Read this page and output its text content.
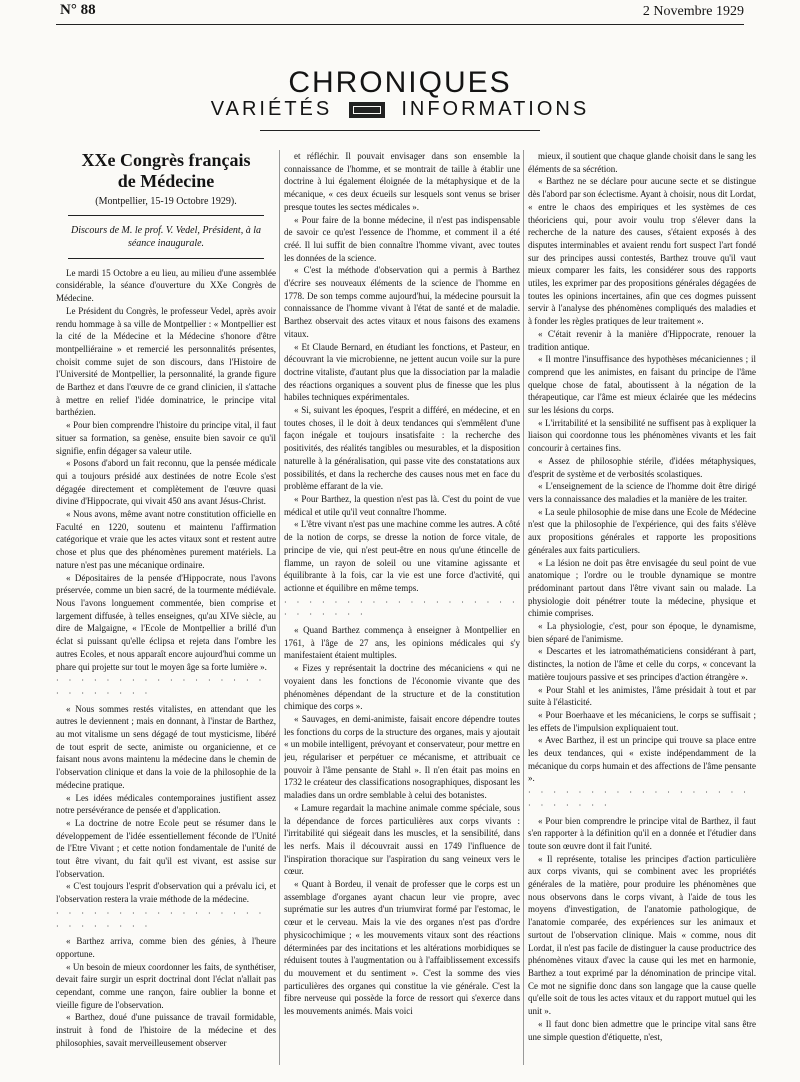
N° 88	2 Novembre 1929
CHRONIQUES
VARIÉTÉS	INFORMATIONS
XXe Congrès français
de Médecine
(Montpellier, 15-19 Octobre 1929).
Discours de M. le prof. V. Vedel, Président, à la séance inaugurale.

Le mardi 15 Octobre a eu lieu, au milieu d'une assemblée considérable, la séance d'ouverture du XXe Congrès de Médecine.

Le Président du Congrès, le professeur Vedel, après avoir rendu hommage à sa ville de Montpellier : « Montpellier est la cité de la Médecine et la Médecine s'honore d'être montpelliéraine » et remercié les personnalités présentes, choisit comme sujet de son discours, dans l'Histoire de l'Université de Montpellier, la personnalité, la grande figure de Barthez et dans l'œuvre de ce grand clinicien, il s'attache à mettre en relief l'idée dominatrice, le principe vital barthézien.

« Pour bien comprendre l'histoire du principe vital, il faut situer sa formation, sa genèse, ensuite bien savoir ce qu'il signifie, enfin dégager sa valeur utile.

« Posons d'abord un fait reconnu, que la pensée médicale qui a toujours présidé aux destinées de notre Ecole s'est dégagée directement et complètement de l'œuvre quasi divine d'Hippocrate, qui vivait 450 ans avant Jésus-Christ.

« Nous avons, même avant notre constitution officielle en Faculté en 1220, soutenu et maintenu l'affirmation catégorique et vraie que les actes vitaux sont et restent autre chose et plus que des phénomènes purement matériels. La nature n'est pas une mécanique ordinaire.

« Dépositaires de la pensée d'Hippocrate, nous l'avons préservée, comme un bien sacré, de la tourmente médiévale. Nous l'avons longuement commentée, bien comprise et largement diffusée, à telles enseignes, qu'au XIVe siècle, au dire de Malgaigne, « l'Ecole de Montpellier a brillé d'un éclat si puissant qu'elle éclipsa et rejeta dans l'ombre les autres Ecoles, et nous apparaît encore aujourd'hui comme un phare qui projette sur tout le moyen âge sa forte lumière ».

· · · · · · · · · · · · · · · · · · · · · · · · ·

« Nous sommes restés vitalistes, en attendant que les autres le deviennent ; mais en donnant, à l'instar de Barthez, au mot vitalisme un sens dégagé de tout mysticisme, libéré de tout esprit de secte, animiste ou organicienne, et ce faisant nous avons maintenu la médecine dans le chemin de l'observation clinique et dans la voie de la philosophie de la médecine pratique.

« Les idées médicales contemporaines justifient assez notre persévérance de pensée et d'application.

« La doctrine de notre Ecole peut se résumer dans le développement de l'idée essentiellement féconde de l'Unité de l'Etre Vivant ; et cette notion fondamentale de l'unité de tout être vivant, du fait qu'il est vivant, est assise sur l'observation.

« C'est toujours l'esprit d'observation qui a prévalu ici, et l'observation restera la vraie méthode de la médecine.

· · · · · · · · · · · · · · · · · · · · · · · · ·

« Barthez arriva, comme bien des génies, à l'heure opportune.

« Un besoin de mieux coordonner les faits, de synthétiser, devait faire surgir un esprit doctrinal dont l'éclat n'allait pas cependant, comme une rançon, faire oublier la bonne et vieille figure de l'observation.

« Barthez, doué d'une puissance de travail formidable, instruit à fond de l'histoire de la médecine et des philosophies, savait merveilleusement observer

et réfléchir. Il pouvait envisager dans son ensemble la connaissance de l'homme, et se montrait de taille à établir une doctrine à lui également éloignée de la métaphysique et de la mécanique, « ces deux écueils sur lesquels sont venus se briser presque toutes les sectes médicales ».

« Pour faire de la bonne médecine, il n'est pas indispensable de savoir ce qu'est l'essence de l'homme, et comment il a été créé. Il lui suffit de bien connaître l'homme vivant, avec toutes les données de la science.

« C'est la méthode d'observation qui a permis à Barthez d'écrire ses nouveaux éléments de la science de l'homme en 1778. De son temps comme aujourd'hui, la médecine poursuit la connaissance de l'homme vivant à l'état de santé et de maladie. Barthez observait des actes vitaux et nous faisons des examens vitaux.

« Et Claude Bernard, en étudiant les fonctions, et Pasteur, en découvrant la vie microbienne, ne jettent aucun voile sur la pure doctrine vitaliste, d'autant plus que la dissociation par la maladie des réactions organiques a souvent plus de finesse que les plus habiles techniques expérimentales.

« Si, suivant les époques, l'esprit a différé, en médecine, et en toutes choses, il le doit à deux tendances qui s'emmêlent d'une façon inégale et toujours insatisfaite : la recherche des positivités, des réalités tangibles ou mesurables, et la disposition naturelle à la généralisation, qui passe vite des constatations aux possibilités, et dans la recherche des causes nous met en face du problème effarant de la vie.

« Pour Barthez, la question n'est pas là. C'est du point de vue médical et utile qu'il veut connaître l'homme.

« L'être vivant n'est pas une machine comme les autres. A côté de la notion de corps, se dresse la notion de force vitale, de principe de vie, qui n'est peut-être en nous qu'une étincelle de flamme, un rayon de soleil ou une vitamine agissante et équilibrante à la fois, car la vie est une force d'activité, qui actionne et équilibre en même temps.

· · · · · · · · · · · · · · · · · · · · · · · · · ·

« Quand Barthez commença à enseigner à Montpellier en 1761, à l'âge de 27 ans, les opinions médicales qui s'y manifestaient étaient multiples.

« Fizes y représentait la doctrine des mécaniciens « qui ne voyaient dans les fonctions de l'économie vivante que des phénomènes dépendant de la structure et de la constitution chimique des corps ».

« Sauvages, en demi-animiste, faisait encore dépendre toutes les fonctions du corps de la structure des organes, mais y ajoutait « un mobile intelligent, prévoyant et conservateur, pour mettre en jeu, régulariser et perpétuer ce mécanisme, et attribuait ce pouvoir à l'âme pensante de Stahl ». Il n'en était pas moins en 1732 le créateur des classifications nosographiques, disposant les maladies dans un ordre semblable à celui des botanistes.

« Lamure regardait la machine animale comme spéciale, sous la dépendance de forces particulières aux corps vivants : l'irritabilité qui siégeait dans les muscles, et la sensibilité, dans les nerfs. Mais il découvrait aussi en 1749 l'influence de l'inspiration thoracique sur l'aspiration du sang veineux vers le cœur.

« Quant à Bordeu, il venait de professer que le corps est un assemblage d'organes ayant chacun leur vie propre, avec suprématie sur les autres d'un triumvirat formé par l'estomac, le cœur et le cerveau. Mais la vie des organes n'est pas d'ordre physicochimique ; « les mouvements vitaux sont des réactions déterminées par des incitations et les altérations morbidiques se réduisent toutes à l'augmentation ou à l'affaiblissement excessifs du mouvement et du sentiment ». C'est la somme des vies particulières des organes qui constitue la vie générale. C'est la fibre nerveuse qui possède la force de ressort qui s'exerce dans les mouvements animés. Mais voici

mieux, il soutient que chaque glande choisit dans le sang les éléments de sa sécrétion.

« Barthez ne se déclare pour aucune secte et se distingue dès l'abord par son éclectisme. Ayant à choisir, nous dit Lordat, « entre le chaos des empiriques et les systèmes de ces théoriciens qui, pour avoir voulu trop s'élever dans la recherche de la nature des causes, s'étaient exposés à des disputes interminables et avaient rendu fort suspect l'art fondé sur des principes aussi contestés, Barthez trouve qu'il vaut mieux comparer les faits, les considérer sous des rapports utiles, les exprimer par des propositions générales dégagées de toutes les opinions incertaines, afin que ces dogmes puissent servir à l'analyse des phénomènes compliqués des maladies et à fonder les règles pratiques de leur traitement ».

« C'était revenir à la manière d'Hippocrate, renouer la tradition antique.

« Il montre l'insuffisance des hypothèses mécaniciennes ; il comprend que les animistes, en faisant du principe de l'âme quelque chose de fatal, aboutissent à la négation de la thérapeutique, car l'âme est mieux éclairée que les médecins sur les lésions du corps.

« L'irritabilité et la sensibilité ne suffisent pas à expliquer la liaison qui coordonne tous les phénomènes vivants et les fait concourir à certaines fins.

« Assez de philosophie stérile, d'idées métaphysiques, d'esprit de système et de verbosités scolastiques.

« L'enseignement de la science de l'homme doit être dirigé vers la connaissance des maladies et la manière de les traiter.

« La seule philosophie de mise dans une Ecole de Médecine n'est que la philosophie de l'expérience, qui des faits s'élève aux propositions générales et rapporte les propositions générales aux faits particuliers.

« La lésion ne doit pas être envisagée du seul point de vue anatomique ; l'ordre ou le trouble dynamique se montre prédominant partout dans l'être vivant sain ou malade. La physiologie doit pénétrer toute la médecine, physique et chimie comprises.

« La physiologie, c'est, pour son époque, le dynamisme, bien séparé de l'animisme.

« Descartes et les iatromathématiciens considérant à part, distinctes, la notion de l'âme et celle du corps, « concevant la matière toujours passive et ses principes d'action étrangère ».

« Pour Stahl et les animistes, l'âme présidait à tout et par suite à l'élasticité.

« Pour Boerhaave et les mécaniciens, le corps se suffisait ; les effets de l'impulsion expliquaient tout.

« Avec Barthez, il est un principe qui trouve sa place entre les deux tendances, qui « existe indépendamment de la mécanique du corps humain et des affections de l'âme pensante ».

· · · · · · · · · · · · · · · · · · · · · · · · ·

« Pour bien comprendre le principe vital de Barthez, il faut s'en rapporter à la définition qu'il en a donnée et l'étudier dans toute son œuvre dont il fait l'unité.

« Il représente, totalise les principes d'action particulière aux corps vivants, qui se combinent avec les propriétés générales de la matière, pour produire les phénomènes que nous observons dans le corps vivant, à l'aide de tous les moyens d'investigation, de l'anatomie pathologique, de l'anatomie comparée, des expériences sur les animaux et surtout de l'observation clinique. Mais « comme, nous dit Lordat, il n'est pas facile de distinguer la cause productrice des phénomènes vitaux d'avec la cause qui les met en harmonie, Barthez a tout exprimé par la dénomination de principe vital. Ce mot ne signifie donc dans son langage que la cause quelle qu'elle soit de tous les actes vitaux et du rapport mutuel qui les unit ».

« Il faut donc bien admettre que le principe vital sans être une simple question d'étiquette, n'est,
